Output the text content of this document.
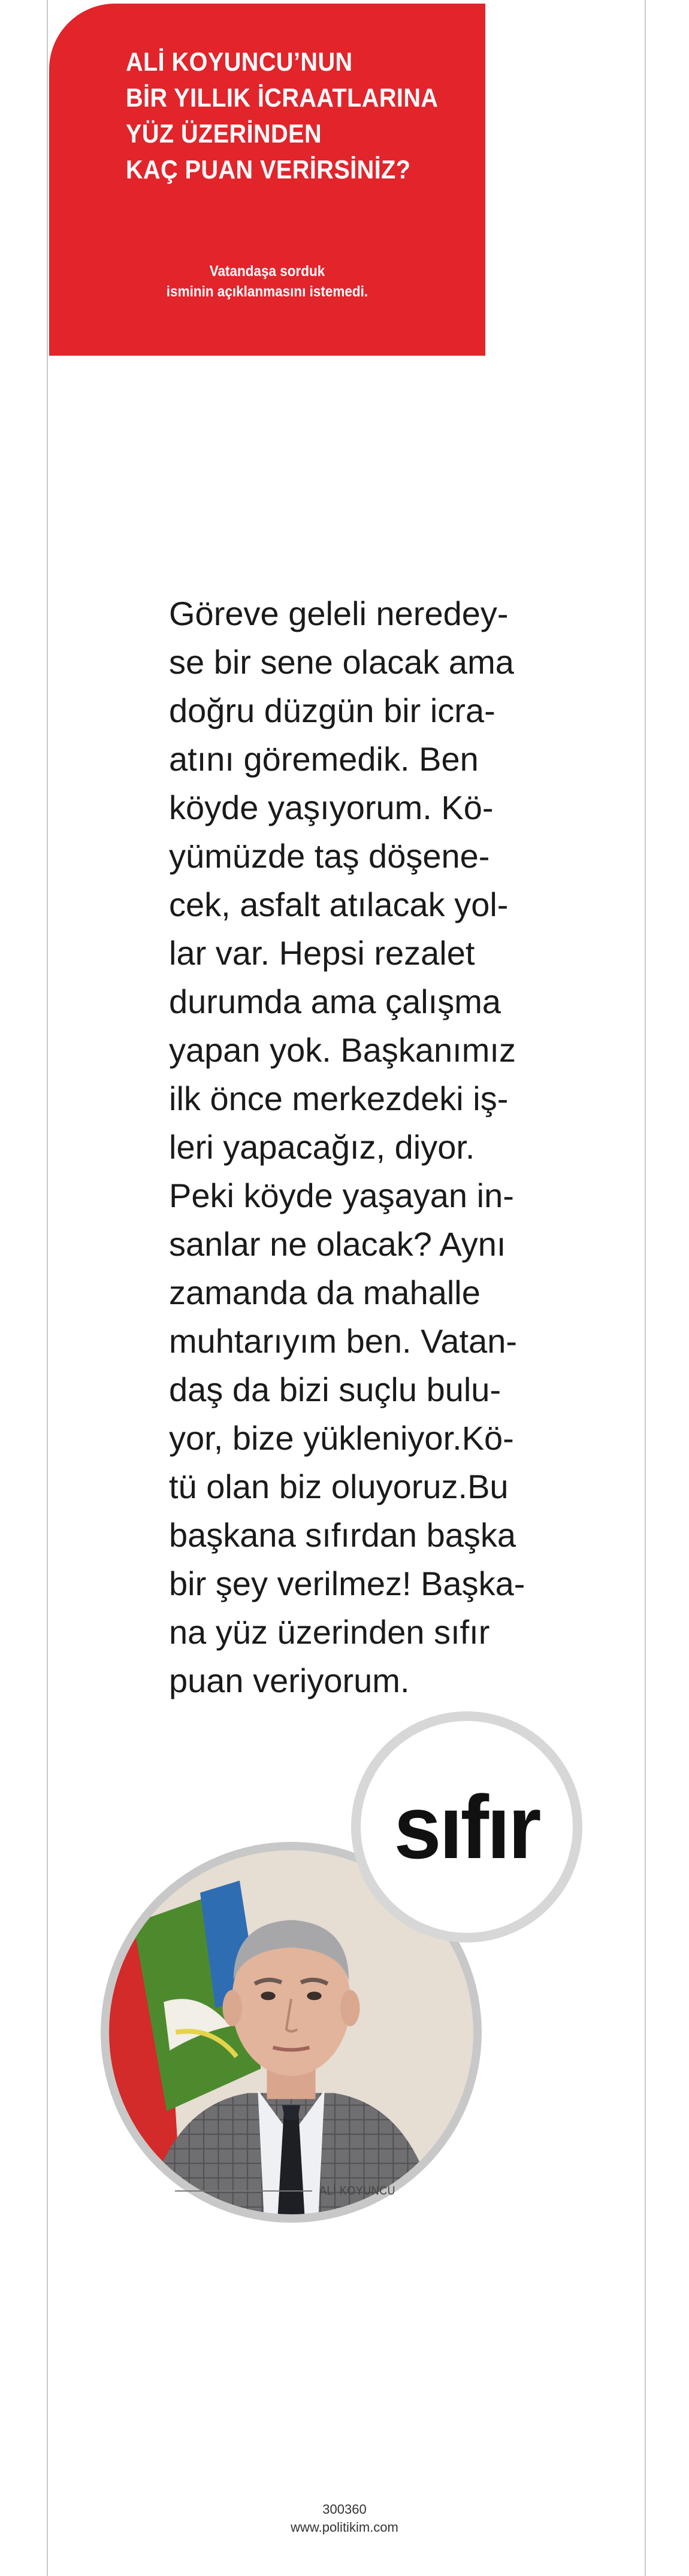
ALİ KOYUNCU’NUN
BİR YILLIK İCRAATLARINA
YÜZ ÜZERİNDEN
KAÇ PUAN VERİRSİNİZ?
Vatandaşa sorduk
isminin açıklanmasını istemedi.
Göreve geleli neredey-
se bir sene olacak ama
doğru düzgün bir icra-
atını göremedik. Ben
köyde yaşıyorum. Kö-
yümüzde taş döşene-
cek, asfalt atılacak yol-
lar var. Hepsi rezalet
durumda ama çalışma
yapan yok. Başkanımız
ilk önce merkezdeki iş-
leri yapacağız, diyor.
Peki köyde yaşayan in-
sanlar ne olacak? Aynı
zamanda da mahalle
muhtarıyım ben. Vatan-
daş da bizi suçlu bulu-
yor, bize yükleniyor.Kö-
tü olan biz oluyoruz.Bu
başkana sıfırdan başka
bir şey verilmez! Başka-
na yüz üzerinden sıfır
puan veriyorum.
sıfır
ALİ KOYUNCU
300360
www.politikim.com
